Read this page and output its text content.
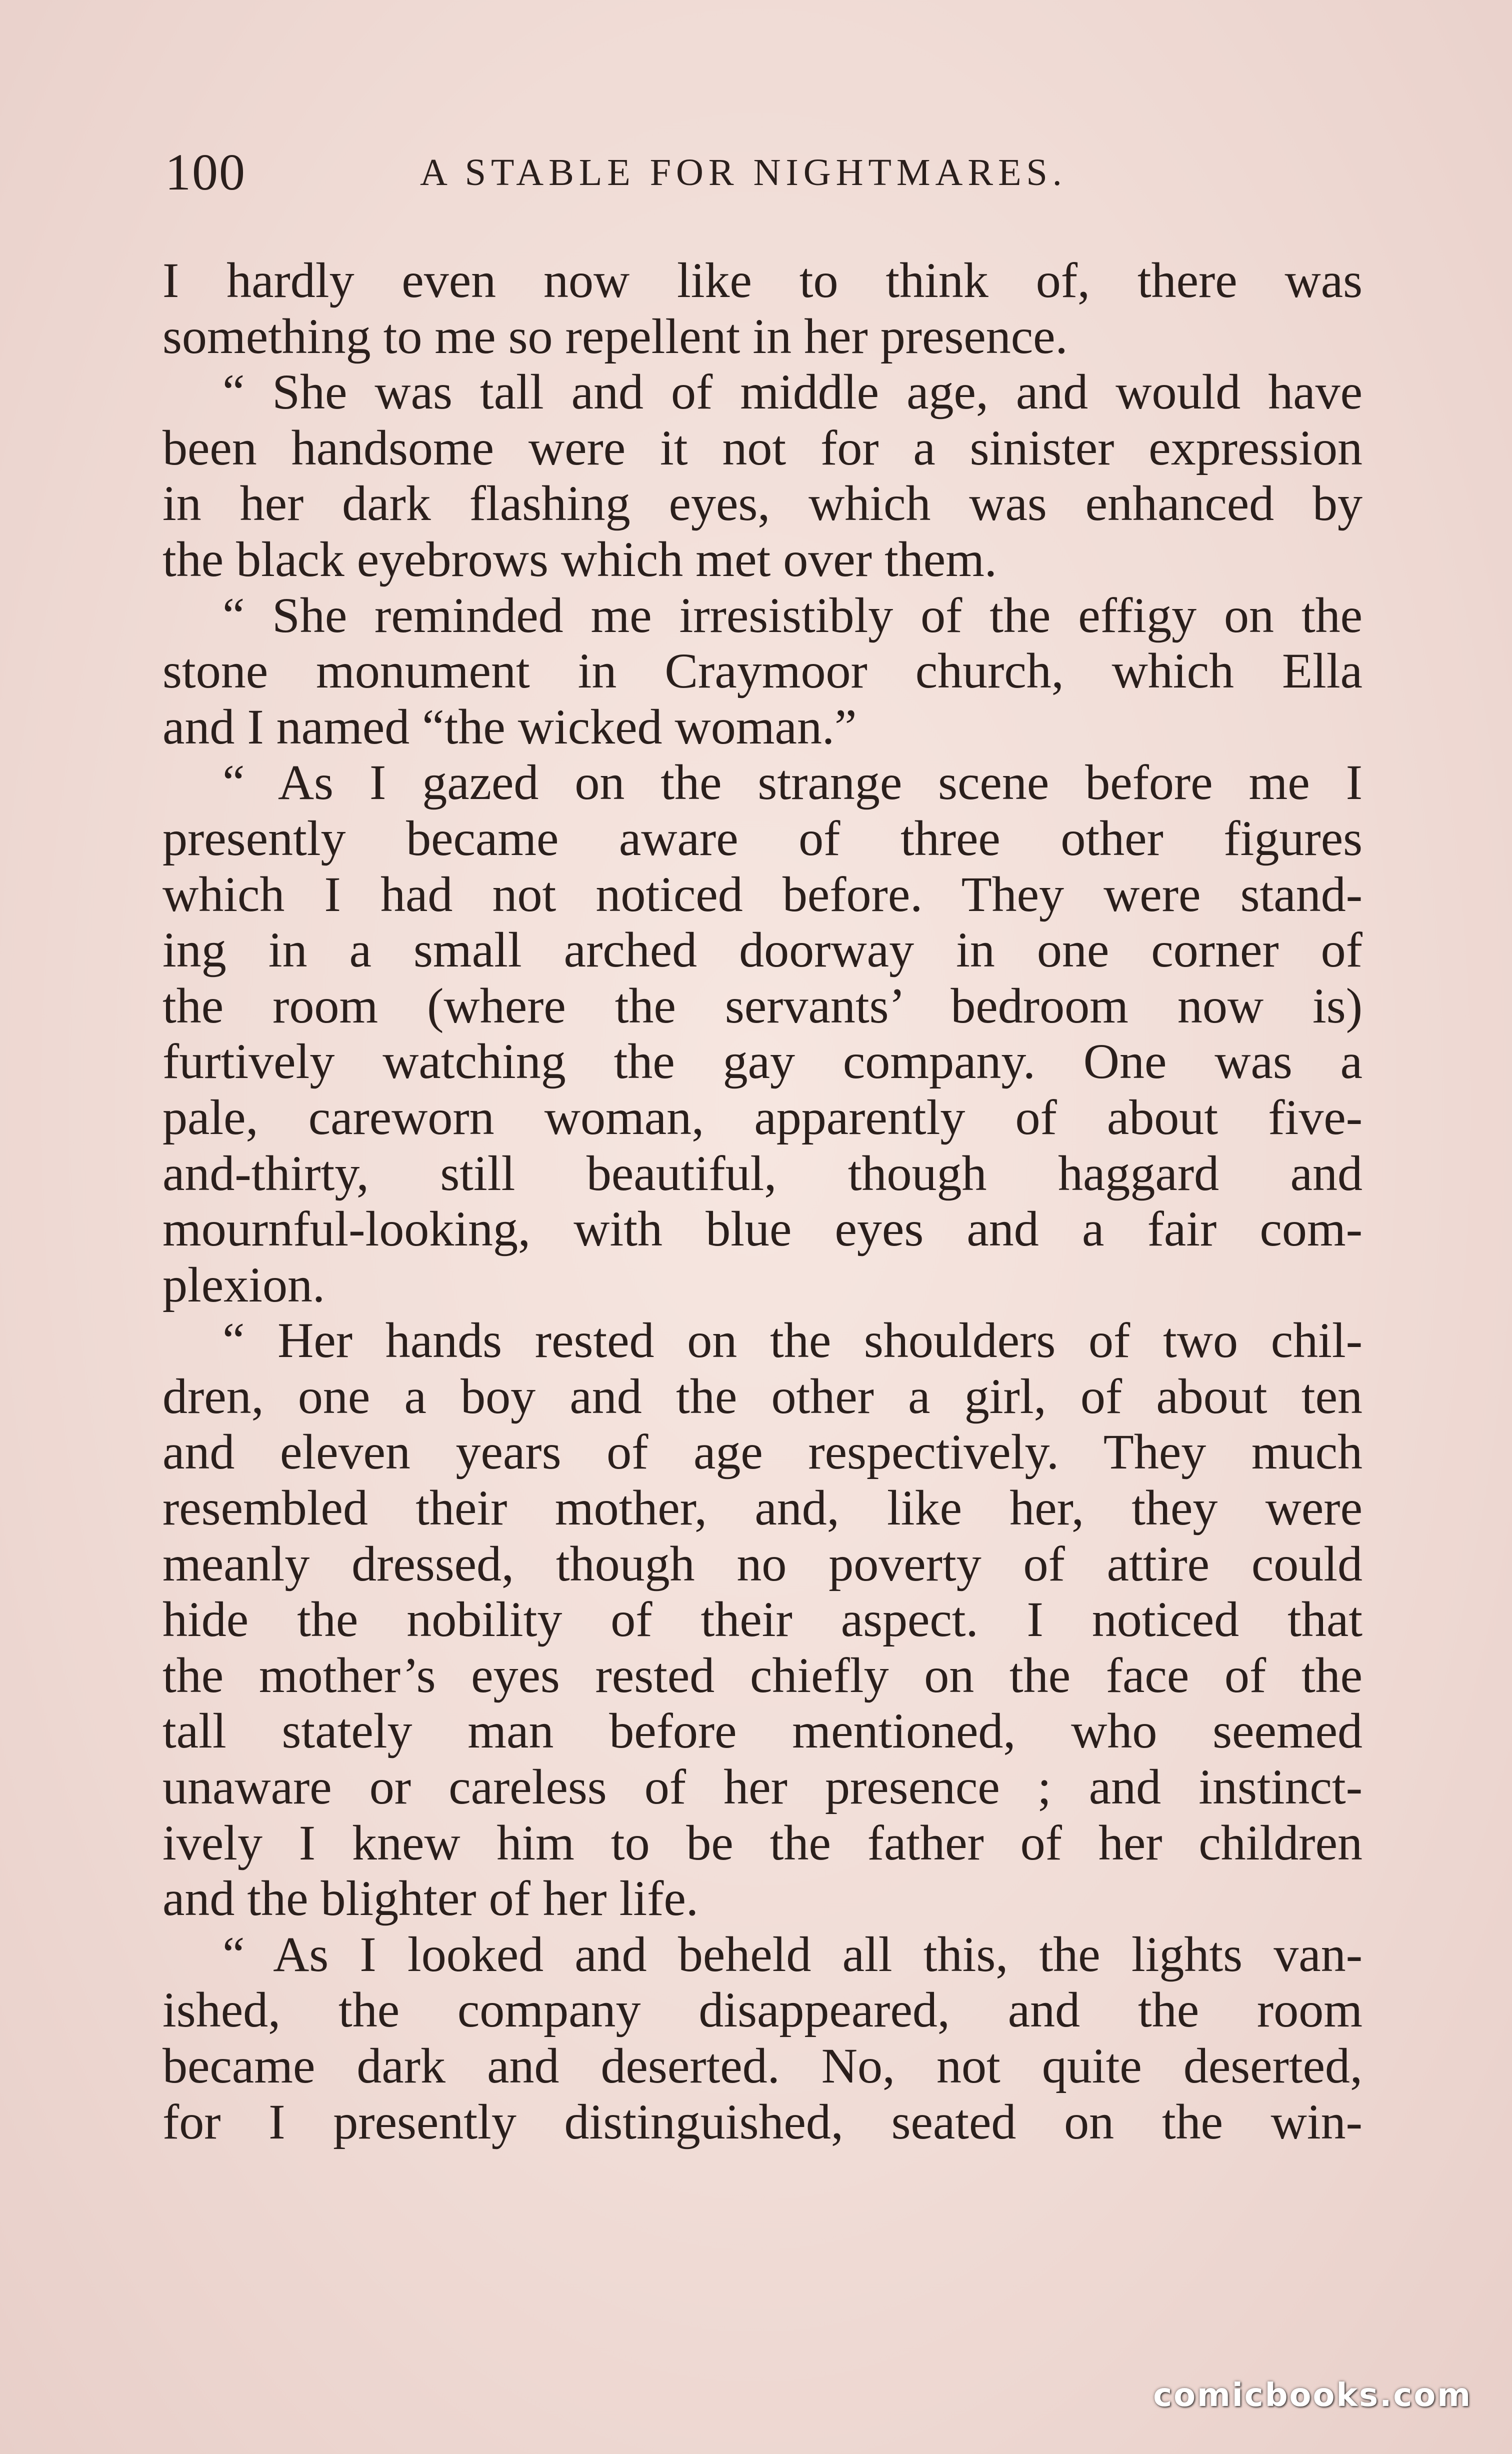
100	A STABLE FOR NIGHTMARES.
I hardly even now like to think of, there was
something to me so repellent in her presence.
“ She was tall and of middle age, and would have
been handsome were it not for a sinister expression
in her dark flashing eyes, which was enhanced by
the black eyebrows which met over them.
“ She reminded me irresistibly of the effigy on the
stone monument in Craymoor church, which Ella
and I named “the wicked woman.”
“ As I gazed on the strange scene before me I
presently became aware of three other figures
which I had not noticed before. They were stand-
ing in a small arched doorway in one corner of
the room (where the servants’ bedroom now is)
furtively watching the gay company. One was a
pale, careworn woman, apparently of about five-
and-thirty, still beautiful, though haggard and
mournful-looking, with blue eyes and a fair com-
plexion.
“ Her hands rested on the shoulders of two chil-
dren, one a boy and the other a girl, of about ten
and eleven years of age respectively. They much
resembled their mother, and, like her, they were
meanly dressed, though no poverty of attire could
hide the nobility of their aspect. I noticed that
the mother’s eyes rested chiefly on the face of the
tall stately man before mentioned, who seemed
unaware or careless of her presence ; and instinct-
ively I knew him to be the father of her children
and the blighter of her life.
“ As I looked and beheld all this, the lights van-
ished, the company disappeared, and the room
became dark and deserted. No, not quite deserted,
for I presently distinguished, seated on the win-
comicbooks.com
